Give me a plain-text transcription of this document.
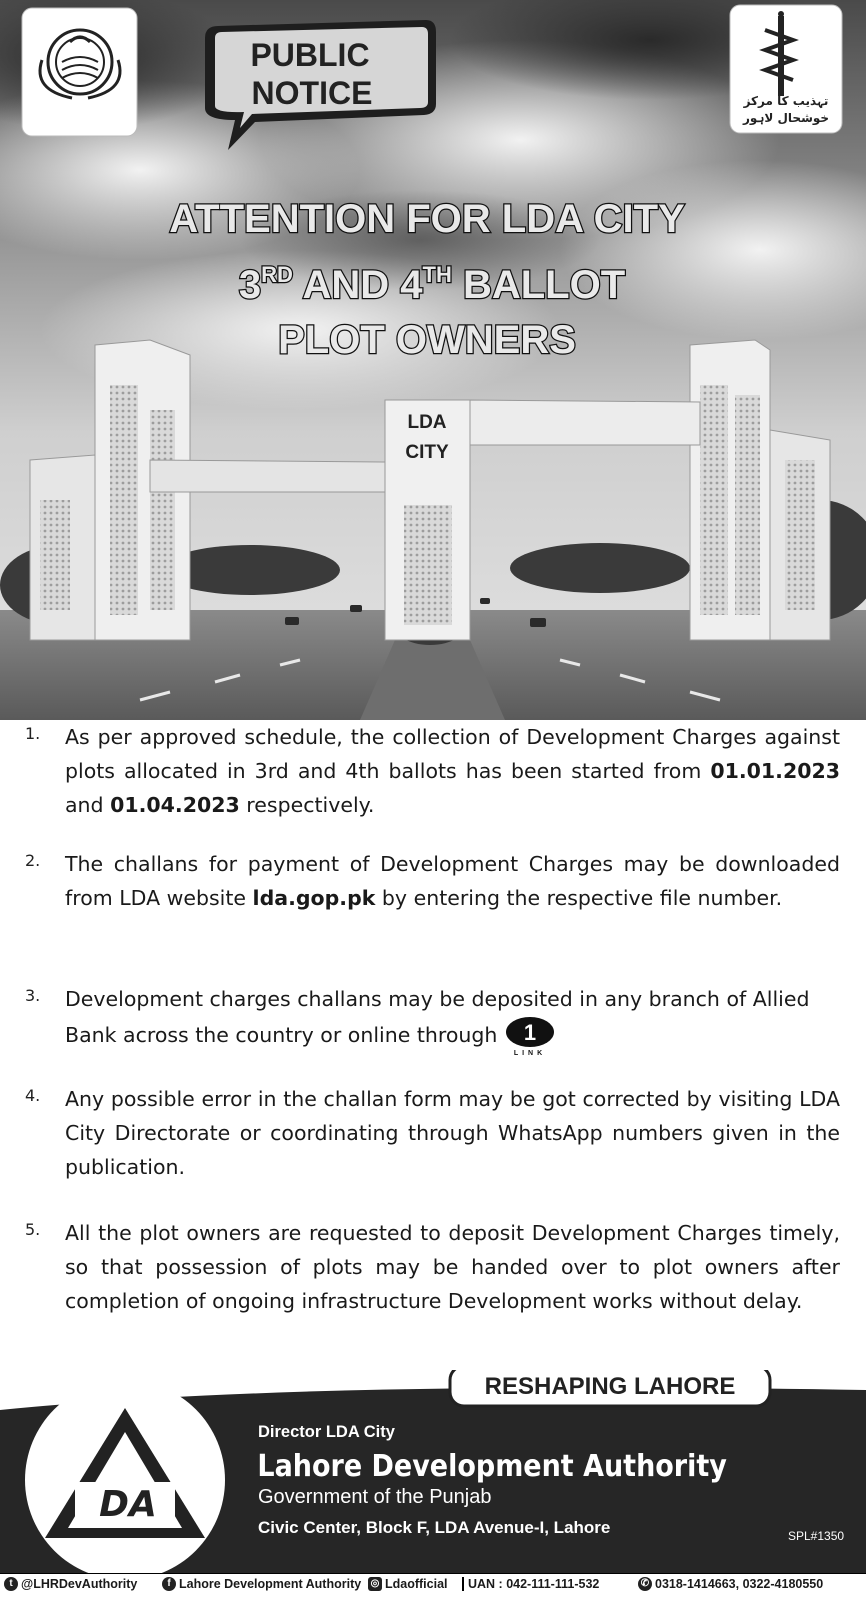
LDA
CITY
PUBLIC
NOTICE	تہذیب کا مرکز
خوشحال لاہور
ATTENTION FOR LDA CITY
3RD AND 4TH BALLOT
PLOT OWNERS
1. As per approved schedule, the collection of Development Charges against plots allocated in 3rd and 4th ballots has been started from 01.01.2023 and 01.04.2023 respectively.
2. The challans for payment of Development Charges may be downloaded from LDA website lda.gop.pk by entering the respective file number.
3. Development charges challans may be deposited in any branch of Allied Bank across the country or online through 1
LINK
4. Any possible error in the challan form may be got corrected by visiting LDA City Directorate or coordinating through WhatsApp numbers given in the publication.
5. All the plot owners are requested to deposit Development Charges timely, so that possession of plots may be handed over to plot owners after completion of ongoing infrastructure Development works without delay.
RESHAPING LAHORE
DA
Director LDA City
Lahore Development Authority
Government of the Punjab
Civic Center, Block F, LDA Avenue-I, Lahore	SPL#1350
t @LHRDevAuthority	f Lahore Development Authority ◎ Ldaofficial	UAN : 042-111-111-532	✆ 0318-1414663, 0322-4180550
